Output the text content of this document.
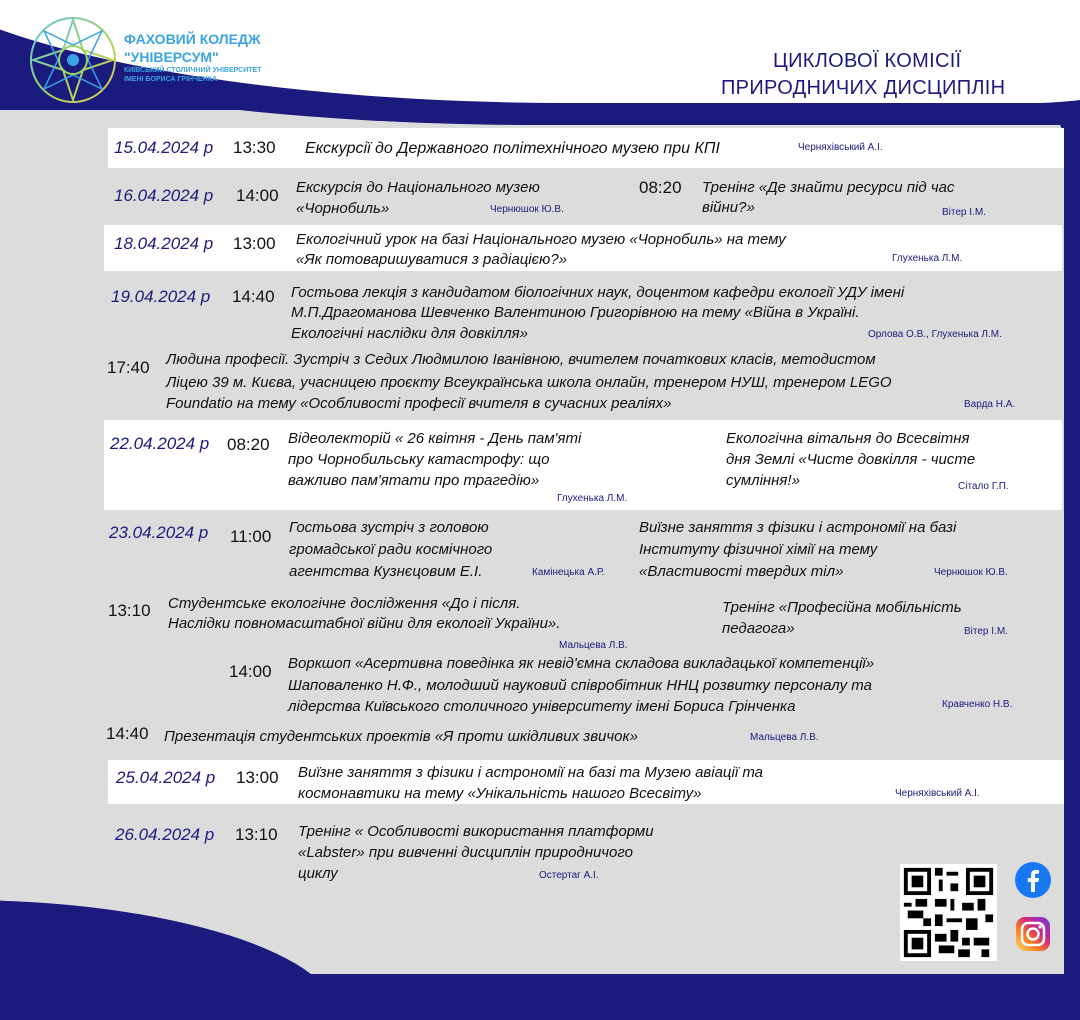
ДЕКАДА
ФАХОВИЙ КОЛЕДЖ
"УНІВЕРСУМ"
КИЇВСЬКИЙ СТОЛИЧНИЙ УНІВЕРСИТЕТ
ІМЕНІ БОРИСА ГРІНЧЕНКА
ЦИКЛОВОЇ КОМІСІЇ
ПРИРОДНИЧИХ ДИСЦИПЛІН
15.04.2024 р 13:30 Екскурсії до Державного політехнічного музею при КПІ	Черняхівський А.І.
16.04.2024 р 14:00 Екскурсія до Національного музею
«Чорнобиль»	Чернюшок Ю.В.
08:20 Тренінг «Де знайти ресурси під час
війни?»	Вітер І.М.
18.04.2024 р 13:00 Екологічний урок на базі Національного музею «Чорнобиль» на тему
«Як потоваришуватися з радіацією?»	Глухенька Л.М.
19.04.2024 р 14:40 Гостьова лекція з кандидатом біологічних наук, доцентом кафедри екології УДУ імені
М.П.Драгоманова Шевченко Валентиною Григорівною на тему «Війна в Україні.
Екологічні наслідки для довкілля»	Орлова О.В., Глухенька Л.М.
17:40 Людина професії. Зустріч з Седих Людмилою Іванівною, вчителем початкових класів, методистом
Ліцею 39 м. Києва, учасницею проєкту Всеукраїнська школа онлайн, тренером НУШ, тренером LEGO
Foundatio на тему «Особливості професії вчителя в сучасних реаліях»	Варда Н.А.
22.04.2024 р 08:20 Відеолекторій « 26 квітня - День пам'яті
про Чорнобильську катастрофу: що
важливо пам'ятати про трагедію»
Глухенька Л.М.
Екологічна вітальня до Всесвітня
дня Землі «Чисте довкілля - чисте
сумління!»	Сітало Г.П.
23.04.2024 р 11:00 Гостьова зустріч з головою
громадської ради космічного
агентства Кузнєцовим Е.І.	Камінецька А.Р.
Виїзне заняття з фізики і астрономії на базі
Інституту фізичної хімії на тему
«Властивості твердих тіл»	Чернюшок Ю.В.
13:10 Студентське екологічне дослідження «До і після.
Наслідки повномасштабної війни для екології України».
Мальцева Л.В.
Тренінг «Професійна мобільність
педагога»	Вітер І.М.
14:00 Воркшоп «Асертивна поведінка як невід'ємна складова викладацької компетенції»
Шаповаленко Н.Ф., молодший науковий співробітник ННЦ розвитку персоналу та
лідерства Київського столичного університету імені Бориса Грінченка	Кравченко Н.В.
14:40 Презентація студентських проектів «Я проти шкідливих звичок»	Мальцева Л.В.
25.04.2024 р 13:00 Виїзне заняття з фізики і астрономії на базі та Музею авіації та
космонавтики на тему «Унікальність нашого Всесвіту»	Черняхівський А.І.
26.04.2024 р 13:10 Тренінг « Особливості використання платформи
«Labster» при вивченні дисциплін природничого
циклу	Остертаг А.І.
